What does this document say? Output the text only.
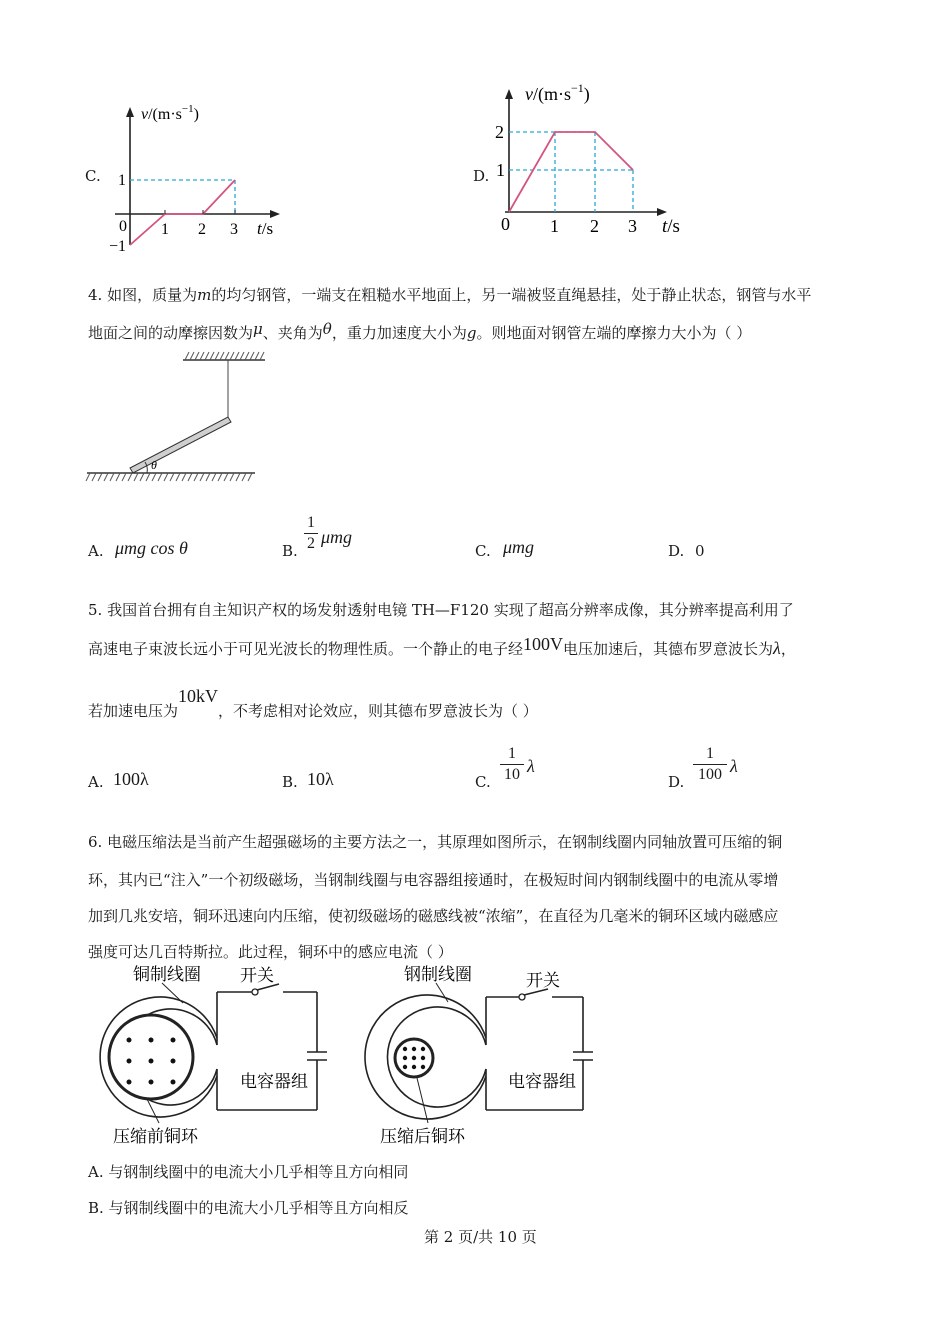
C.
$v/(m\cdot s^{-1})$
1
0
−1
1 2 3 t/s
D.
$v/(m\cdot s^{-1})$
2
1
0 1 2 3 t/s
4. 如图，质量为m的均匀钢管，一端支在粗糙水平地面上，另一端被竖直绳悬挂，处于静止状态，钢管与水平
地面之间的动摩擦因数为μ、夹角为θ，重力加速度大小为g。则地面对钢管左端的摩擦力大小为（ ）
θ
A. μmg cos θ	B.
1
2 μmg
C. μmg	D. 0
5. 我国首台拥有自主知识产权的场发射透射电镜 TH—F120 实现了超高分辨率成像，其分辨率提高利用了
高速电子束波长远小于可见光波长的物理性质。一个静止的电子经100V电压加速后，其德布罗意波长为λ，
若加速电压为10kV，不考虑相对论效应，则其德布罗意波长为（ ）
A. 100λ	B. 10λ	C.
1
10 λ
D.
1
100 λ
6. 电磁压缩法是当前产生超强磁场的主要方法之一，其原理如图所示，在钢制线圈内同轴放置可压缩的铜
环，其内已“注入”一个初级磁场，当钢制线圈与电容器组接通时，在极短时间内钢制线圈中的电流从零增
加到几兆安培，铜环迅速向内压缩，使初级磁场的磁感线被“浓缩”，在直径为几毫米的铜环区域内磁感应
强度可达几百特斯拉。此过程，铜环中的感应电流（ ）
铜制线圈 开关
电容器组
压缩前铜环
钢制线圈	开关
电容器组
压缩后铜环
A. 与钢制线圈中的电流大小几乎相等且方向相同
B. 与钢制线圈中的电流大小几乎相等且方向相反
第 2 页/共 10 页
